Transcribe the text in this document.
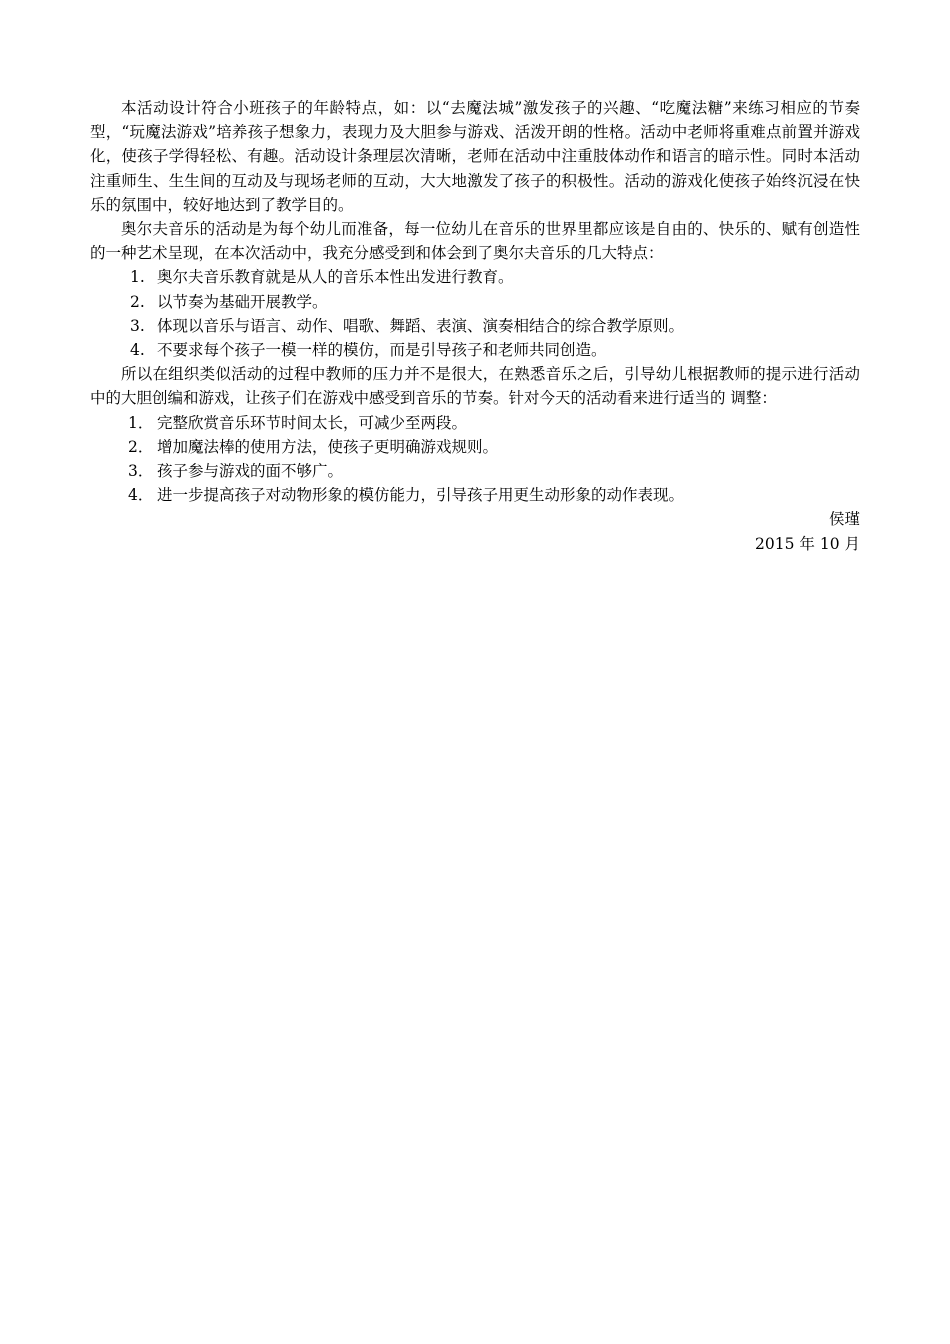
本活动设计符合小班孩子的年龄特点，如：以“去魔法城”激发孩子的兴趣、“吃魔法糖”来练习相应的节奏型，“玩魔法游戏”培养孩子想象力，表现力及大胆参与游戏、活泼开朗的性格。活动中老师将重难点前置并游戏化，使孩子学得轻松、有趣。活动设计条理层次清晰，老师在活动中注重肢体动作和语言的暗示性。同时本活动注重师生、生生间的互动及与现场老师的互动，大大地激发了孩子的积极性。活动的游戏化使孩子始终沉浸在快乐的氛围中，较好地达到了教学目的。

奥尔夫音乐的活动是为每个幼儿而准备，每一位幼儿在音乐的世界里都应该是自由的、快乐的、赋有创造性的一种艺术呈现，在本次活动中，我充分感受到和体会到了奥尔夫音乐的几大特点：

1. 奥尔夫音乐教育就是从人的音乐本性出发进行教育。
2. 以节奏为基础开展教学。
3. 体现以音乐与语言、动作、唱歌、舞蹈、表演、演奏相结合的综合教学原则。
4. 不要求每个孩子一模一样的模仿，而是引导孩子和老师共同创造。

所以在组织类似活动的过程中教师的压力并不是很大，在熟悉音乐之后，引导幼儿根据教师的提示进行活动中的大胆创编和游戏，让孩子们在游戏中感受到音乐的节奏。针对今天的活动看来进行适当的 调整：

1． 完整欣赏音乐环节时间太长，可减少至两段。
2． 增加魔法棒的使用方法，使孩子更明确游戏规则。
3． 孩子参与游戏的面不够广。
4． 进一步提高孩子对动物形象的模仿能力，引导孩子用更生动形象的动作表现。

侯瑾

2015 年 10 月
